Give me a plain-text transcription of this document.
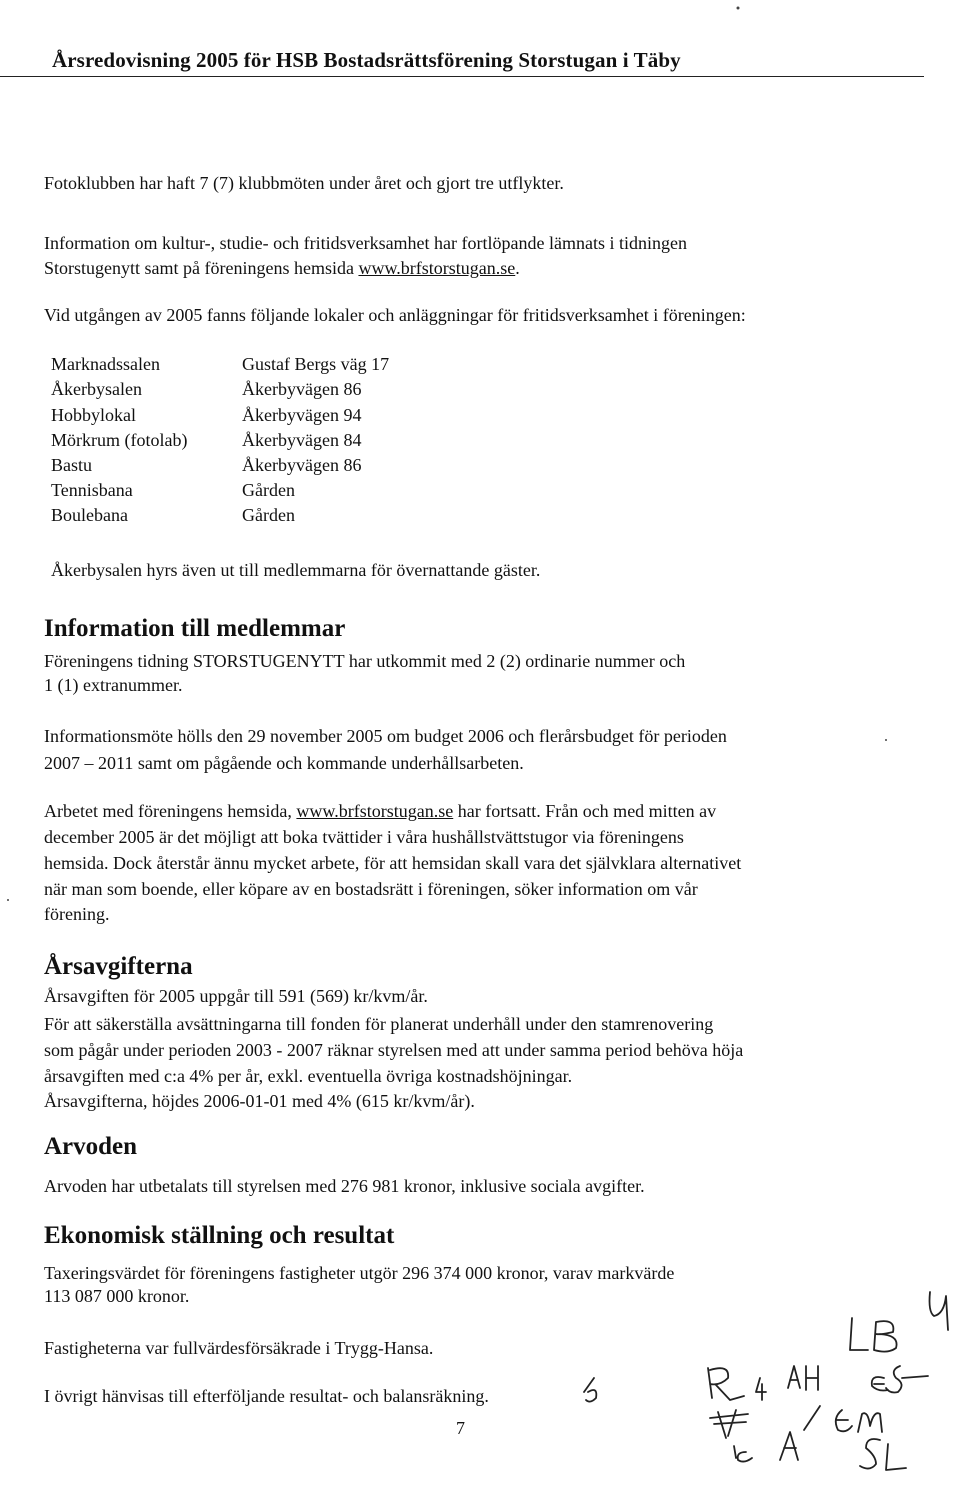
Årsredovisning 2005 för HSB Bostadsrättsförening Storstugan i Täby

Fotoklubben har haft 7 (7) klubbmöten under året och gjort tre utflykter.

Information om kultur-, studie- och fritidsverksamhet har fortlöpande lämnats i tidningen

Storstugenytt samt på föreningens hemsida www.brfstorstugan.se.

Vid utgången av 2005 fanns följande lokaler och anläggningar för fritidsverksamhet i föreningen:

Marknadssalen	Gustaf Bergs väg 17
Åkerbysalen	Åkerbyvägen 86
Hobbylokal	Åkerbyvägen 94
Mörkrum (fotolab)	Åkerbyvägen 84
Bastu	Åkerbyvägen 86
Tennisbana	Gården
Boulebana	Gården

Åkerbysalen hyrs även ut till medlemmarna för övernattande gäster.

Information till medlemmar

Föreningens tidning STORSTUGENYTT har utkommit med 2 (2) ordinarie nummer och

1 (1) extranummer.

Informationsmöte hölls den 29 november 2005 om budget 2006 och flerårsbudget för perioden

2007 – 2011 samt om pågående och kommande underhållsarbeten.

Arbetet med föreningens hemsida, www.brfstorstugan.se har fortsatt. Från och med mitten av

december 2005 är det möjligt att boka tvättider i våra hushållstvättstugor via föreningens

hemsida. Dock återstår ännu mycket arbete, för att hemsidan skall vara det självklara alternativet

när man som boende, eller köpare av en bostadsrätt i föreningen, söker information om vår

förening.

Årsavgifterna

Årsavgiften för 2005 uppgår till 591 (569) kr/kvm/år.

För att säkerställa avsättningarna till fonden för planerat underhåll under den stamrenovering

som pågår under perioden 2003 - 2007 räknar styrelsen med att under samma period behöva höja

årsavgiften med c:a 4% per år, exkl. eventuella övriga kostnadshöjningar.

Årsavgifterna, höjdes 2006-01-01 med 4% (615 kr/kvm/år).

Arvoden

Arvoden har utbetalats till styrelsen med 276 981 kronor, inklusive sociala avgifter.

Ekonomisk ställning och resultat

Taxeringsvärdet för föreningens fastigheter utgör 296 374 000 kronor, varav markvärde

113 087 000 kronor.

Fastigheterna var fullvärdesförsäkrade i Trygg-Hansa.

I övrigt hänvisas till efterföljande resultat- och balansräkning.

7
